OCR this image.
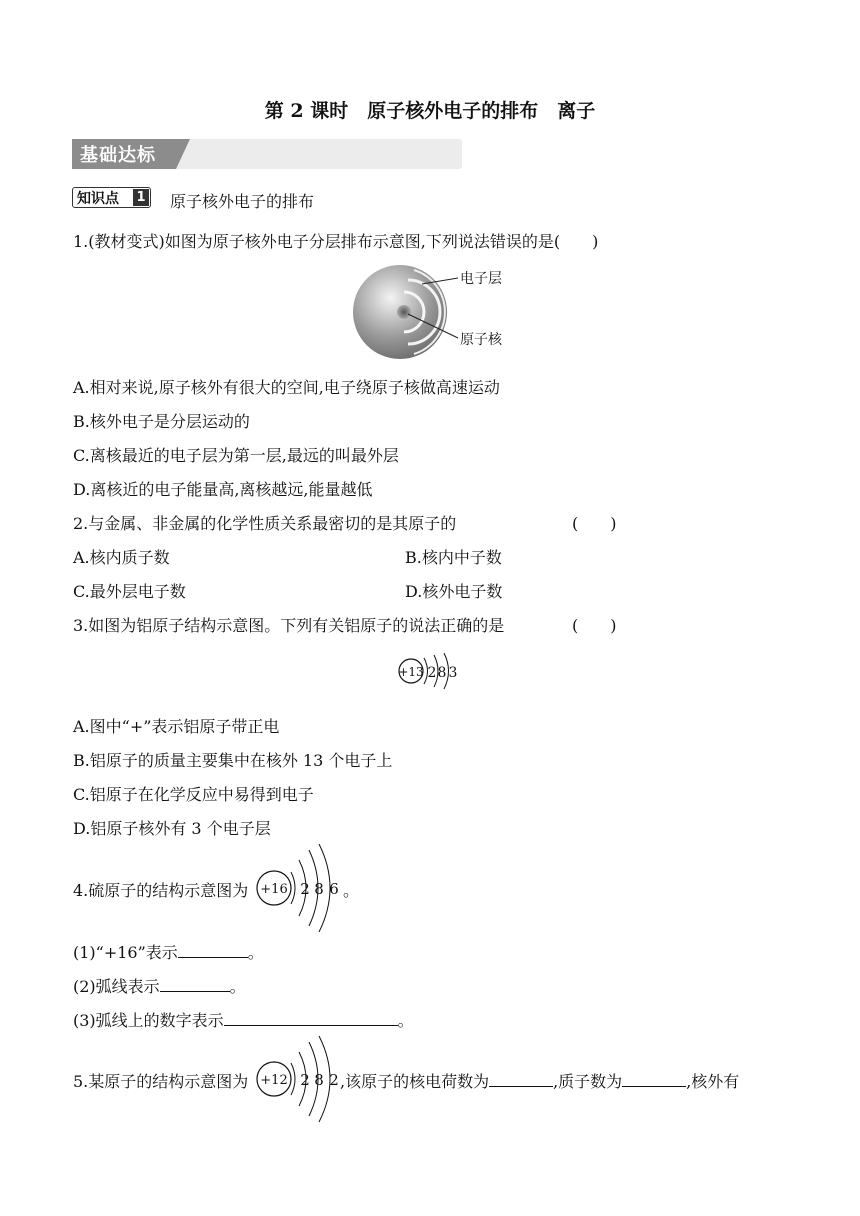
第 2 课时　原子核外电子的排布　离子
基础达标
知识点 1 原子核外电子的排布
1.(教材变式)如图为原子核外电子分层排布示意图,下列说法错误的是(　　)
电子层
原子核
A.相对来说,原子核外有很大的空间,电子绕原子核做高速运动
B.核外电子是分层运动的
C.离核最近的电子层为第一层,最远的叫最外层
D.离核近的电子能量高,离核越远,能量越低
2.与金属、非金属的化学性质关系最密切的是其原子的	(　　)
A.核内质子数	B.核内中子数
C.最外层电子数	D.核外电子数
3.如图为铝原子结构示意图。下列有关铝原子的说法正确的是	(　　)
+13 2 8 3
A.图中“+”表示铝原子带正电
B.铝原子的质量主要集中在核外 13 个电子上
C.铝原子在化学反应中易得到电子
D.铝原子核外有 3 个电子层
4.硫原子的结构示意图为 +16 2 8 6 。
(1)“+16”表示	。
(2)弧线表示	。
(3)弧线上的数字表示	。
5.某原子的结构示意图为 +12 2 8 2 ,该原子的核电荷数为	,质子数为	,核外有
